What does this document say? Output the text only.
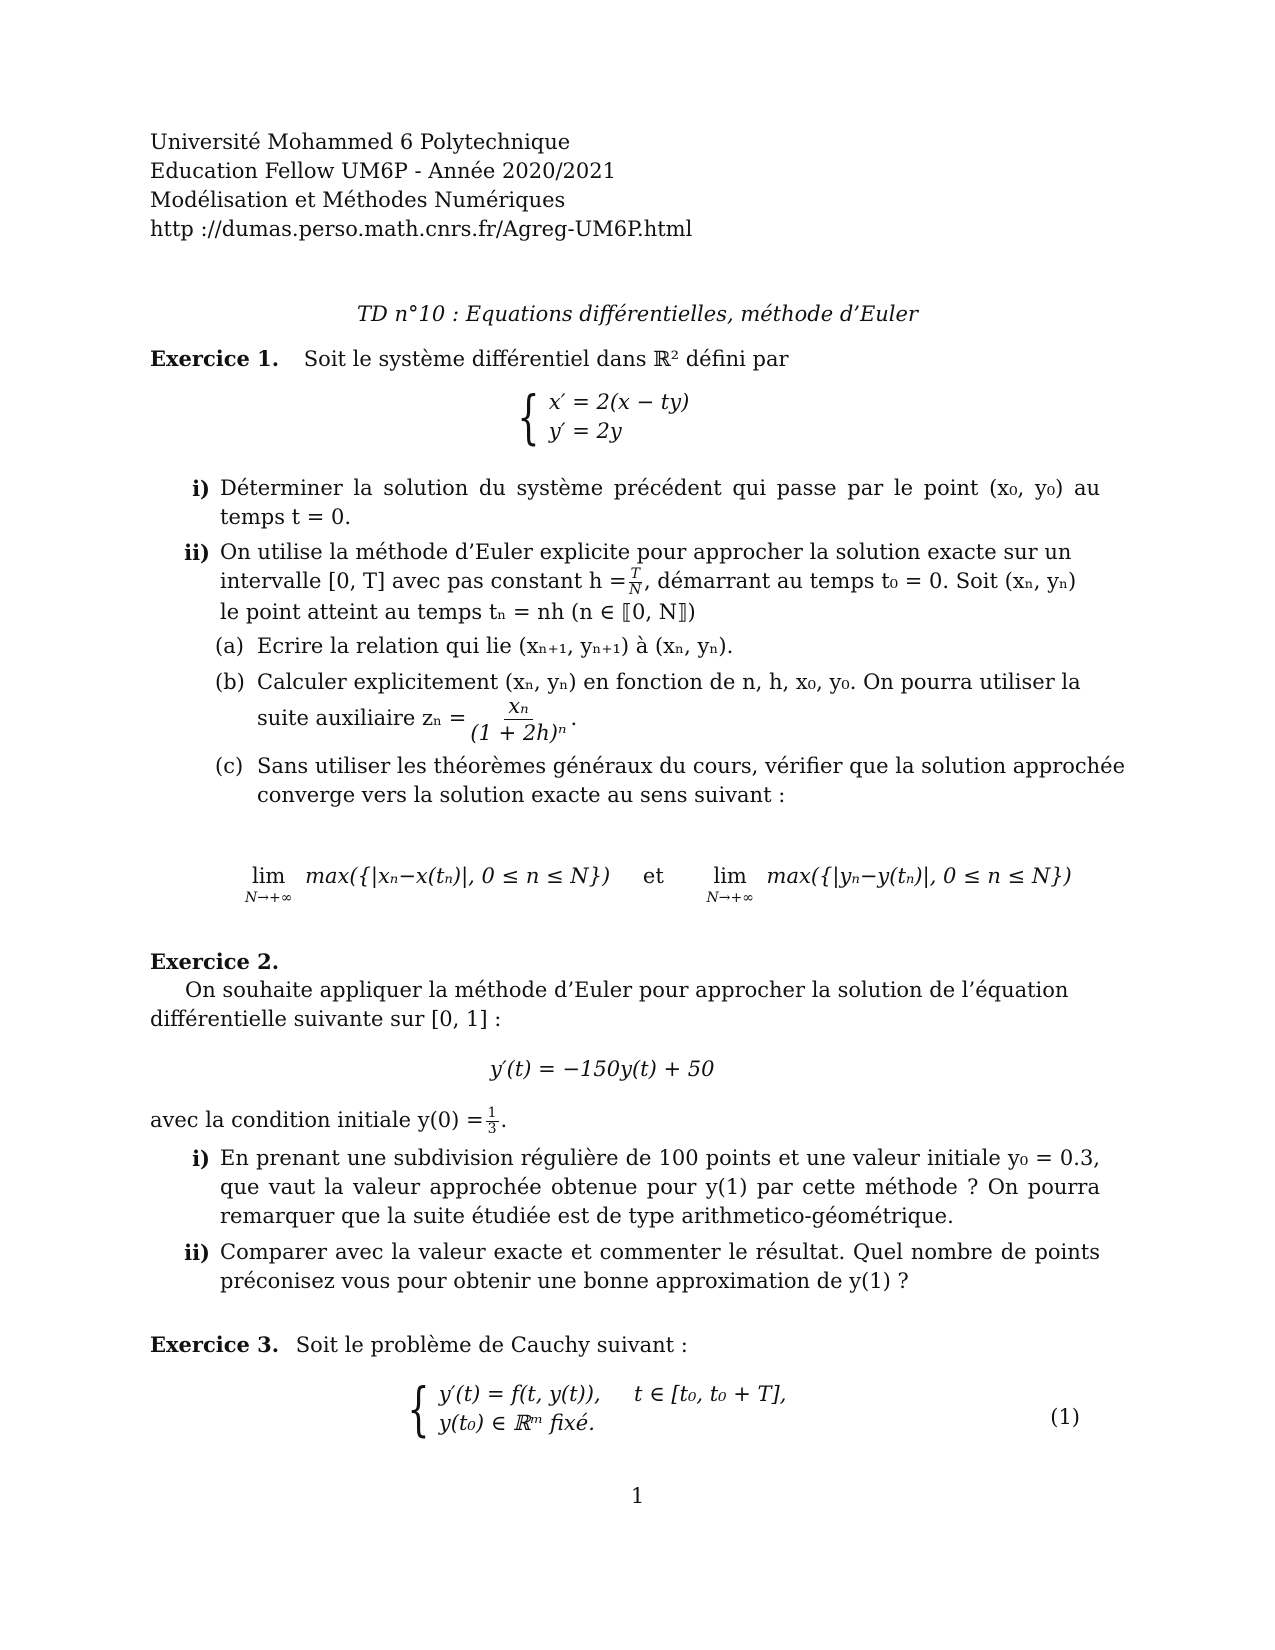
Université Mohammed 6 Polytechnique
Education Fellow UM6P - Année 2020/2021
Modélisation et Méthodes Numériques
http ://dumas.perso.math.cnrs.fr/Agreg-UM6P.html
TD n°10 : Equations différentielles, méthode d’Euler
Exercice 1. Soit le système différentiel dans ℝ² défini par
{ x′ = 2(x − ty)
y′ = 2y
i) Déterminer la solution du système précédent qui passe par le point (x₀, y₀) au temps t = 0.
ii) On utilise la méthode d’Euler explicite pour approcher la solution exacte sur un
intervalle [0, T] avec pas constant $h = \frac{T}{N}$ , démarrant au temps t₀ = 0. Soit (xₙ, yₙ)
le point atteint au temps tₙ = nh (n ∈ ⟦0, N⟧)
(a) Ecrire la relation qui lie (xₙ₊₁, yₙ₊₁) à (xₙ, yₙ).
(b) Calculer explicitement (xₙ, yₙ) en fonction de n, h, x₀, y₀. On pourra utiliser la
suite auxiliaire $z_n = \frac{\text{xₙ}}{\text{(1 + 2h)ⁿ}}$ .
(c) Sans utiliser les théorèmes généraux du cours, vérifier que la solution approchée
converge vers la solution exacte au sens suivant :
lim
N→+∞
max({|xₙ−x(tₙ)|, 0 ≤ n ≤ N}) et lim
N→+∞
max({|yₙ−y(tₙ)|, 0 ≤ n ≤ N})
Exercice 2.
On souhaite appliquer la méthode d’Euler pour approcher la solution de l’équation
différentielle suivante sur [0, 1] :
y′(t) = −150y(t) + 50
avec la condition initiale $y(0) = \frac{1}{3}$ .
i) En prenant une subdivision régulière de 100 points et une valeur initiale y₀ = 0.3, que vaut la valeur approchée obtenue pour y(1) par cette méthode ? On pourra remarquer que la suite étudiée est de type arithmetico-géométrique.
ii) Comparer avec la valeur exacte et commenter le résultat. Quel nombre de points préconisez vous pour obtenir une bonne approximation de y(1) ?
Exercice 3. Soit le problème de Cauchy suivant :
{ y′(t) = f(t, y(t)),     t ∈ [t₀, t₀ + T],
y(t₀) ∈ ℝᵐ fixé.	(1)
1
